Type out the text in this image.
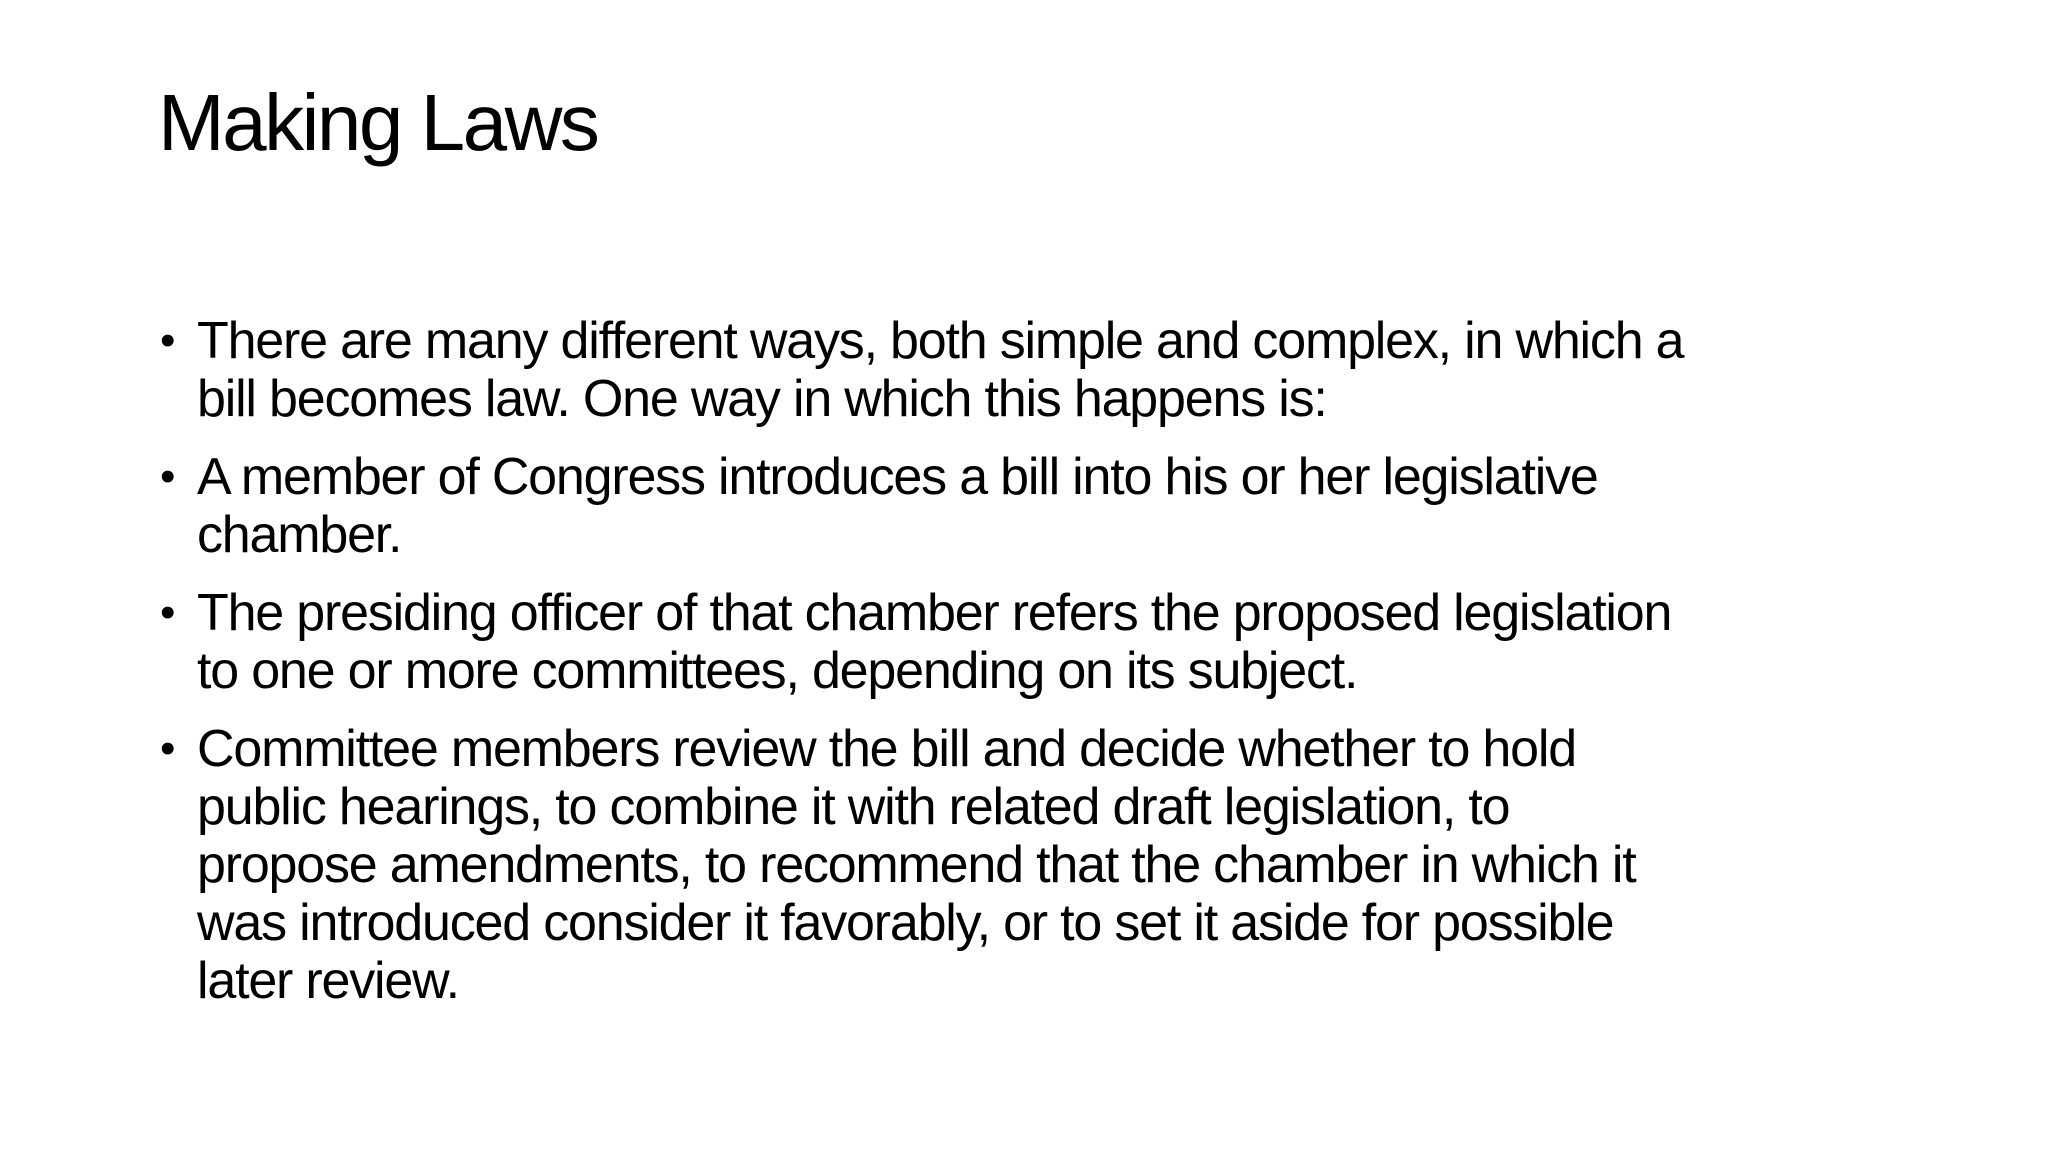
Making Laws
• There are many different ways, both simple and complex, in which a
bill becomes law. One way in which this happens is:
• A member of Congress introduces a bill into his or her legislative
chamber.
• The presiding officer of that chamber refers the proposed legislation
to one or more committees, depending on its subject.
• Committee members review the bill and decide whether to hold
public hearings, to combine it with related draft legislation, to
propose amendments, to recommend that the chamber in which it
was introduced consider it favorably, or to set it aside for possible
later review.
